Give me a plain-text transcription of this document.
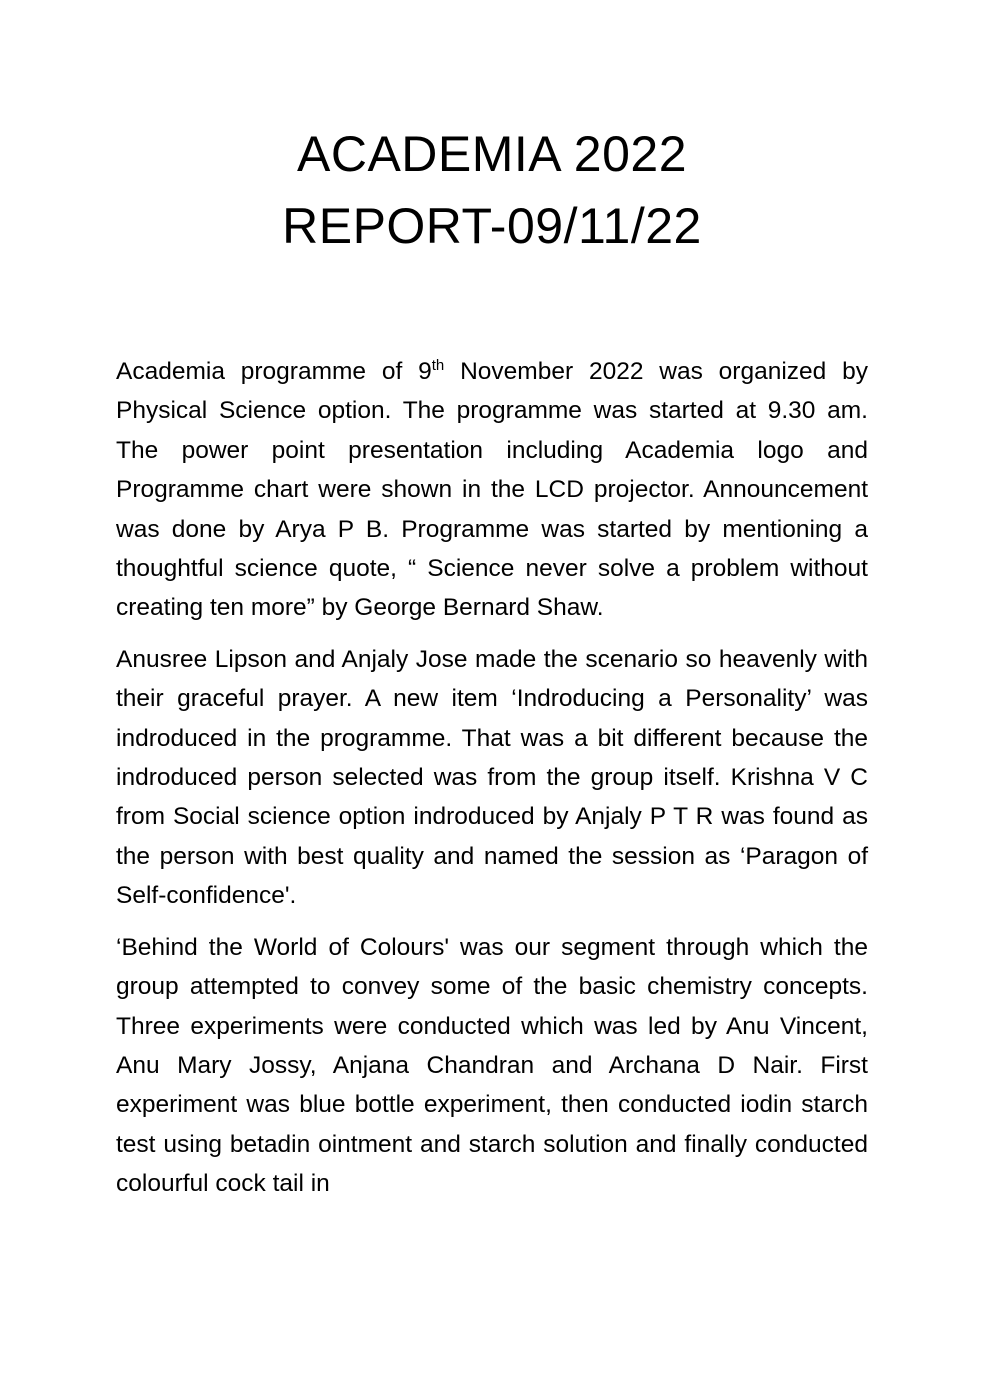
ACADEMIA 2022
REPORT-09/11/22

Academia programme of 9th November 2022 was organized by Physical Science option. The programme was started at 9.30 am. The power point presentation including Academia logo and Programme chart were shown in the LCD projector. Announcement was done by Arya P B. Programme was started by mentioning a thoughtful science quote, “ Science never solve a problem without creating ten more” by George Bernard Shaw.

Anusree Lipson and Anjaly Jose made the scenario so heavenly with their graceful prayer. A new item ‘Indroducing a Personality’ was indroduced in the programme. That was a bit different because the indroduced person selected was from the group itself. Krishna V C from Social science option indroduced by Anjaly P T R was found as the person with best quality and named the session as ‘Paragon of Self-confidence'.

‘Behind the World of Colours' was our segment through which the group attempted to convey some of the basic chemistry concepts. Three experiments were conducted which was led by Anu Vincent, Anu Mary Jossy, Anjana Chandran and Archana D Nair. First experiment was blue bottle experiment, then conducted iodin starch test using betadin ointment and starch solution and finally conducted colourful cock tail in
